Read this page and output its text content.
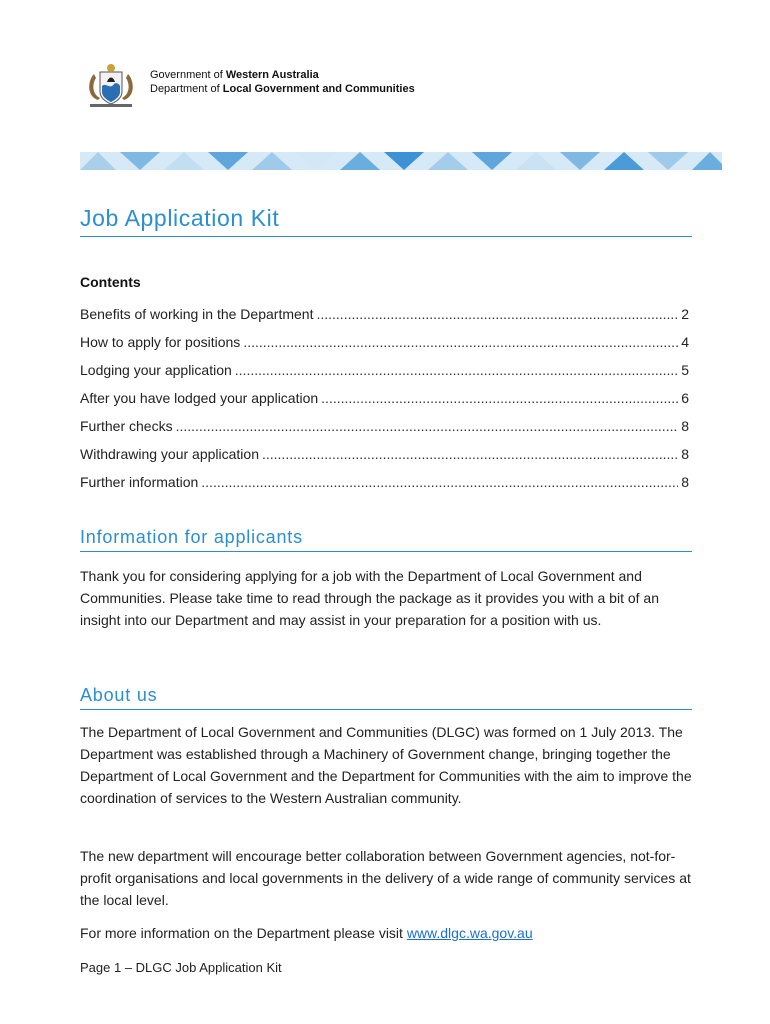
Government of Western Australia
Department of Local Government and Communities
Job Application Kit
Contents
Benefits of working in the Department .....	2
How to apply for positions .....	4
Lodging your application .....	5
After you have lodged your application .....	6
Further checks .....	8
Withdrawing your application .....	8
Further information .....	8
Information for applicants

Thank you for considering applying for a job with the Department of Local Government and Communities. Please take time to read through the package as it provides you with a bit of an insight into our Department and may assist in your preparation for a position with us.

About us

The Department of Local Government and Communities (DLGC) was formed on 1 July 2013. The Department was established through a Machinery of Government change, bringing together the Department of Local Government and the Department for Communities with the aim to improve the coordination of services to the Western Australian community.

The new department will encourage better collaboration between Government agencies, not-for-profit organisations and local governments in the delivery of a wide range of community services at the local level.

For more information on the Department please visit www.dlgc.wa.gov.au

Page 1 – DLGC Job Application Kit
